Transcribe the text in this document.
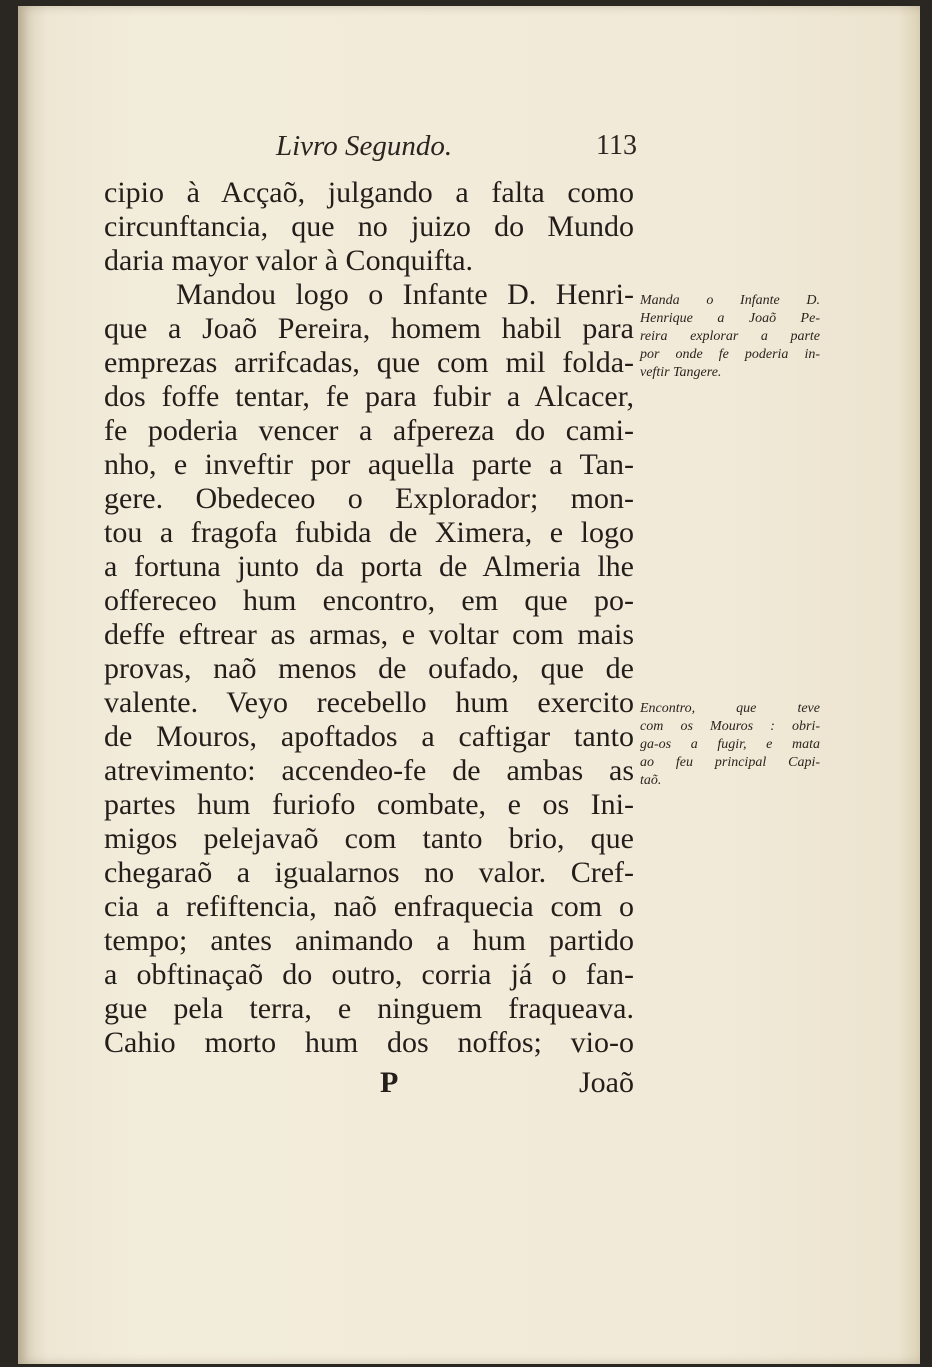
Livro Segundo.	113
cipio à Acçaõ, julgando a falta como
circunftancia, que no juizo do Mundo
daria mayor valor à Conquifta.
Mandou logo o Infante D. Henri-
que a Joaõ Pereira, homem habil para
emprezas arrifcadas, que com mil folda-
dos foffe tentar, fe para fubir a Alcacer,
fe poderia vencer a afpereza do cami-
nho, e inveftir por aquella parte a Tan-
gere. Obedeceo o Explorador; mon-
tou a fragofa fubida de Ximera, e logo
a fortuna junto da porta de Almeria lhe
offereceo hum encontro, em que po-
deffe eftrear as armas, e voltar com mais
provas, naõ menos de oufado, que de
valente. Veyo recebello hum exercito
de Mouros, apoftados a caftigar tanto
atrevimento: accendeo-fe de ambas as
partes hum furiofo combate, e os Ini-
migos pelejavaõ com tanto brio, que
chegaraõ a igualarnos no valor. Cref-
cia a refiftencia, naõ enfraquecia com o
tempo; antes animando a hum partido
a obftinaçaõ do outro, corria já o fan-
gue pela terra, e ninguem fraqueava.
Cahio morto hum dos noffos; vio-o
P	Joaõ
Manda o Infante D.
Henrique a Joaõ Pe-
reira explorar a parte
por onde fe poderia in-
veftir Tangere.
Encontro, que teve
com os Mouros : obri-
ga-os a fugir, e mata
ao feu principal Capi-
taõ.
